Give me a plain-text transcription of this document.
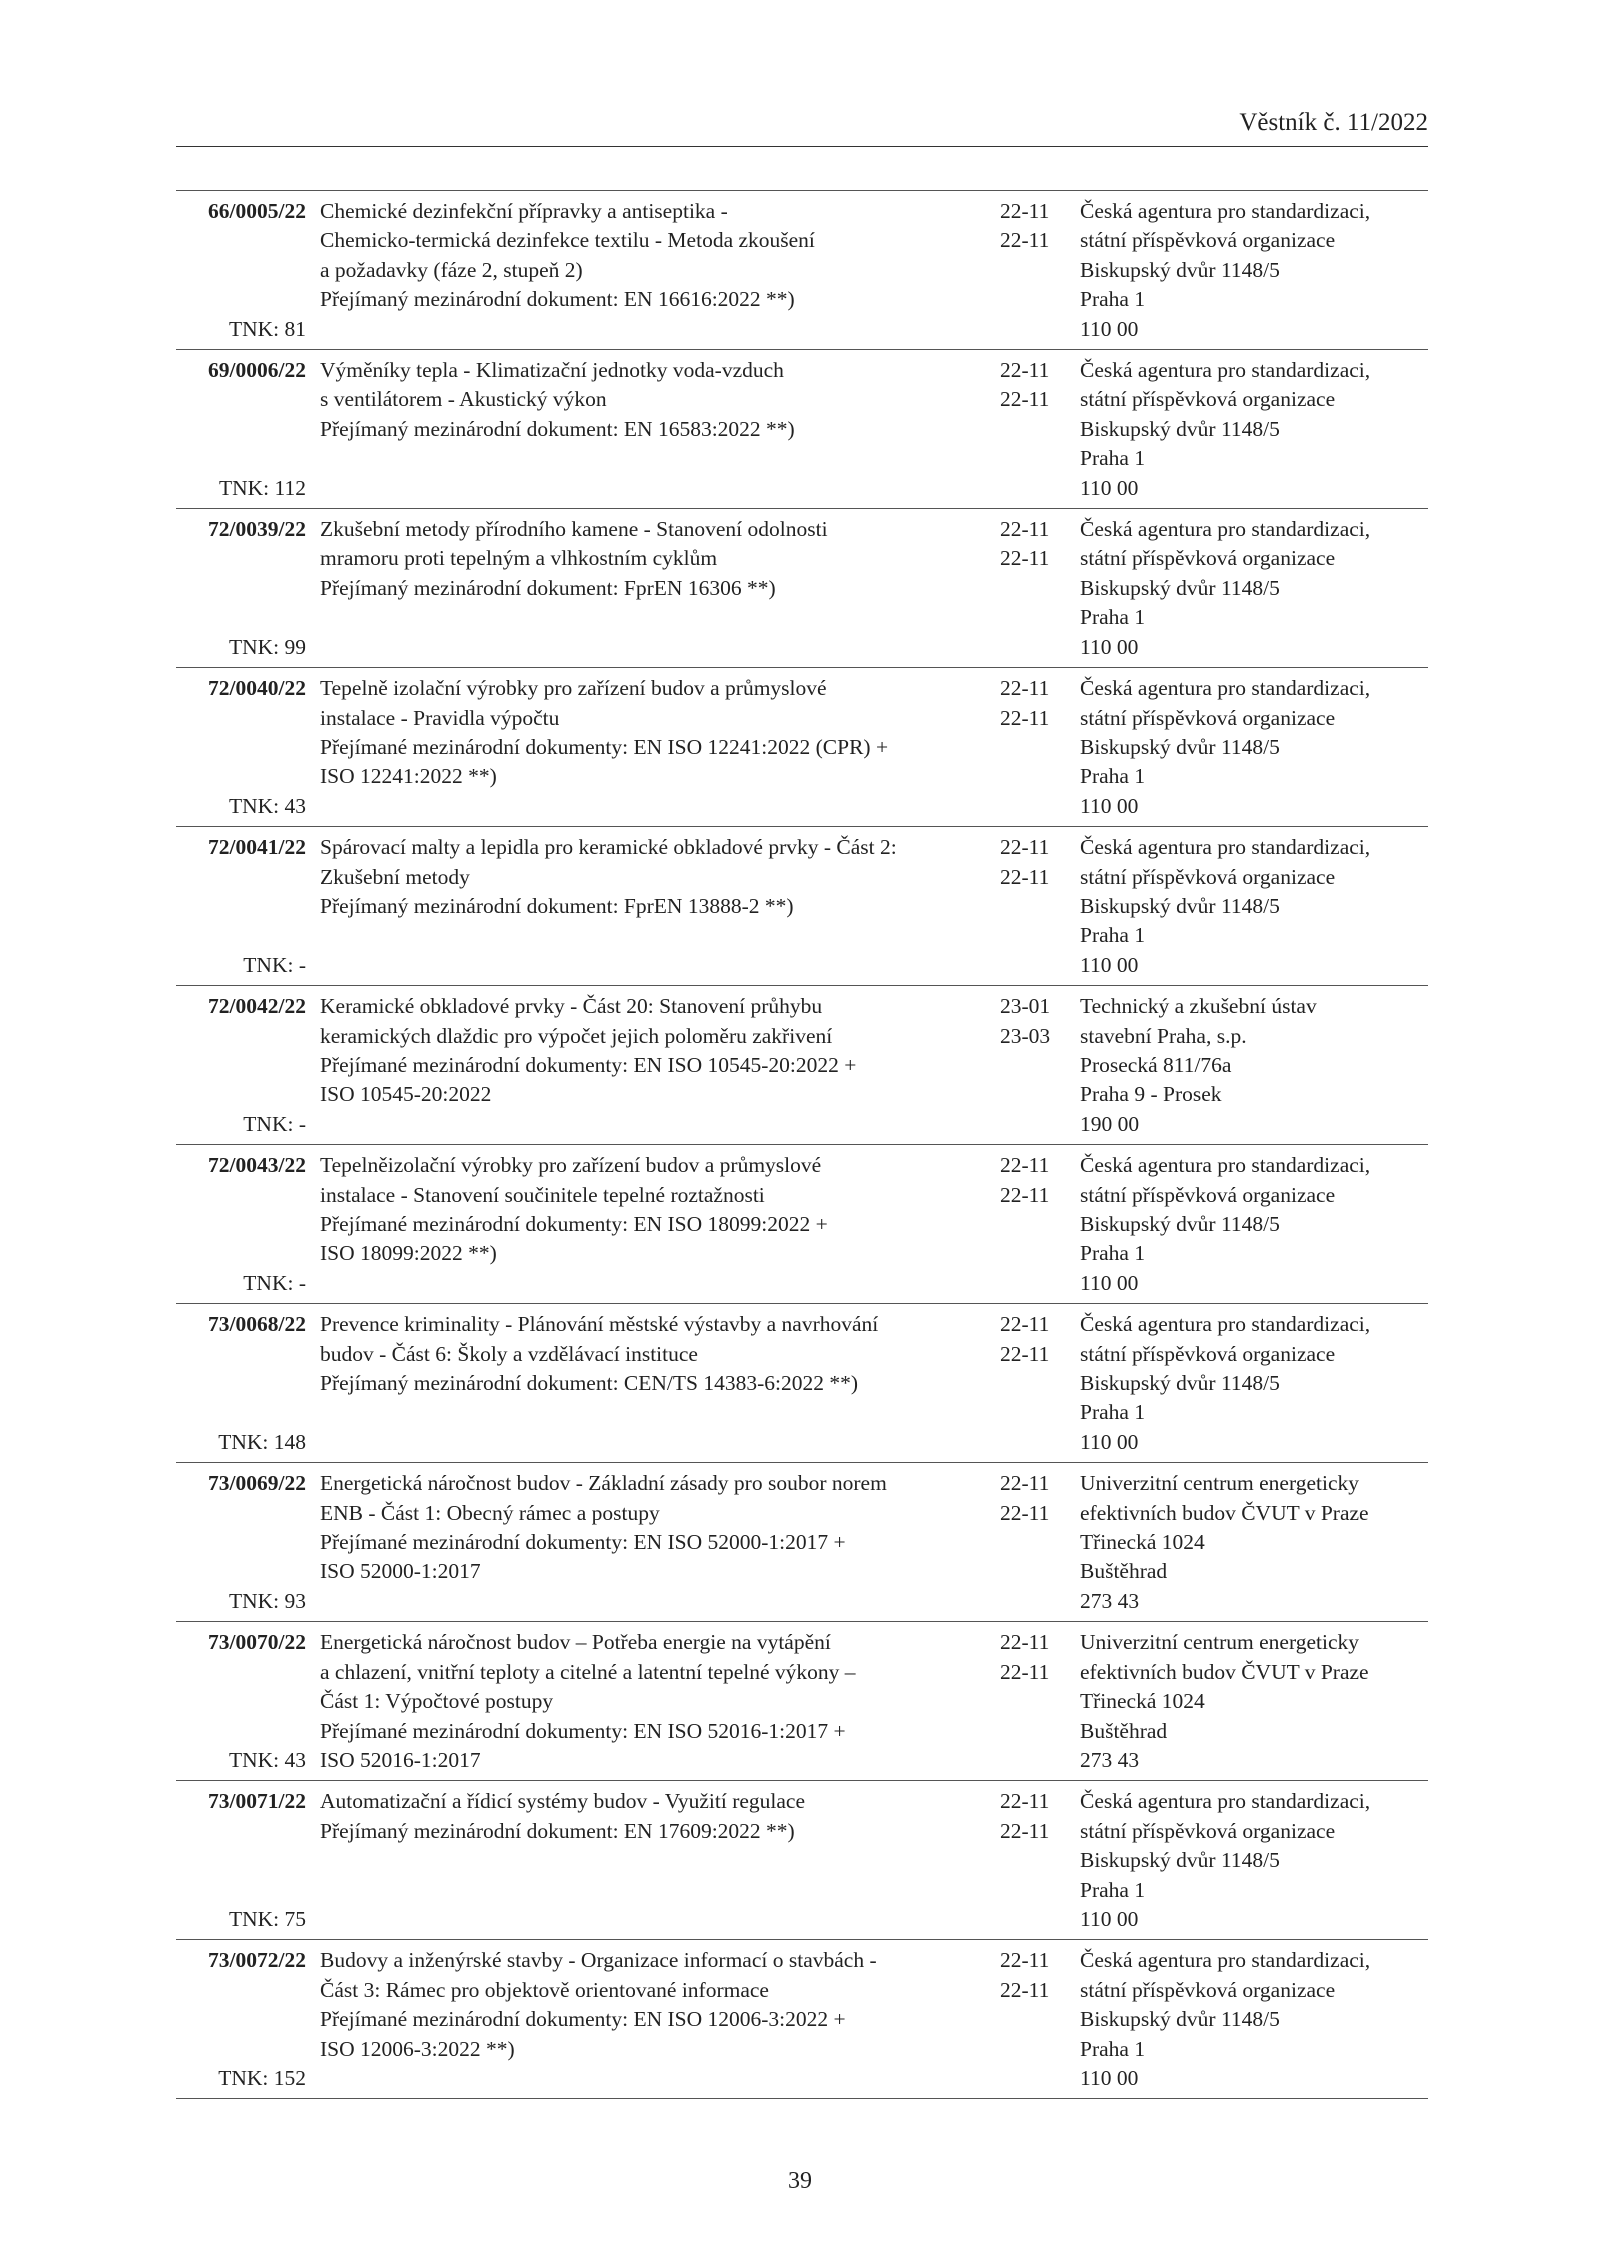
Věstník č. 11/2022
66/0005/22
TNK: 81
Chemické dezinfekční přípravky a antiseptika -
Chemicko-termická dezinfekce textilu - Metoda zkoušení
a požadavky (fáze 2, stupeň 2)
Přejímaný mezinárodní dokument: EN 16616:2022 **)
22-11
22-11
Česká agentura pro standardizaci,
státní příspěvková organizace
Biskupský dvůr 1148/5
Praha 1
110 00
69/0006/22
TNK: 112
Výměníky tepla - Klimatizační jednotky voda-vzduch
s ventilátorem - Akustický výkon
Přejímaný mezinárodní dokument: EN 16583:2022 **)
22-11
22-11
Česká agentura pro standardizaci,
státní příspěvková organizace
Biskupský dvůr 1148/5
Praha 1
110 00
72/0039/22
TNK: 99
Zkušební metody přírodního kamene - Stanovení odolnosti
mramoru proti tepelným a vlhkostním cyklům
Přejímaný mezinárodní dokument: FprEN 16306 **)
22-11
22-11
Česká agentura pro standardizaci,
státní příspěvková organizace
Biskupský dvůr 1148/5
Praha 1
110 00
72/0040/22
TNK: 43
Tepelně izolační výrobky pro zařízení budov a průmyslové
instalace - Pravidla výpočtu
Přejímané mezinárodní dokumenty: EN ISO 12241:2022 (CPR) +
ISO 12241:2022 **)
22-11
22-11
Česká agentura pro standardizaci,
státní příspěvková organizace
Biskupský dvůr 1148/5
Praha 1
110 00
72/0041/22
TNK: -
Spárovací malty a lepidla pro keramické obkladové prvky - Část 2:
Zkušební metody
Přejímaný mezinárodní dokument: FprEN 13888-2 **)
22-11
22-11
Česká agentura pro standardizaci,
státní příspěvková organizace
Biskupský dvůr 1148/5
Praha 1
110 00
72/0042/22
TNK: -
Keramické obkladové prvky - Část 20: Stanovení průhybu
keramických dlaždic pro výpočet jejich poloměru zakřivení
Přejímané mezinárodní dokumenty: EN ISO 10545-20:2022 +
ISO 10545-20:2022
23-01
23-03
Technický a zkušební ústav
stavební Praha, s.p.
Prosecká 811/76a
Praha 9 - Prosek
190 00
72/0043/22
TNK: -
Tepelněizolační výrobky pro zařízení budov a průmyslové
instalace - Stanovení součinitele tepelné roztažnosti
Přejímané mezinárodní dokumenty: EN ISO 18099:2022 +
ISO 18099:2022 **)
22-11
22-11
Česká agentura pro standardizaci,
státní příspěvková organizace
Biskupský dvůr 1148/5
Praha 1
110 00
73/0068/22
TNK: 148
Prevence kriminality - Plánování městské výstavby a navrhování
budov - Část 6: Školy a vzdělávací instituce
Přejímaný mezinárodní dokument: CEN/TS 14383-6:2022 **)
22-11
22-11
Česká agentura pro standardizaci,
státní příspěvková organizace
Biskupský dvůr 1148/5
Praha 1
110 00
73/0069/22
TNK: 93
Energetická náročnost budov - Základní zásady pro soubor norem
ENB - Část 1: Obecný rámec a postupy
Přejímané mezinárodní dokumenty: EN ISO 52000-1:2017 +
ISO 52000-1:2017
22-11
22-11
Univerzitní centrum energeticky
efektivních budov ČVUT v Praze
Třinecká 1024
Buštěhrad
273 43
73/0070/22
TNK: 43
Energetická náročnost budov – Potřeba energie na vytápění
a chlazení, vnitřní teploty a citelné a latentní tepelné výkony –
Část 1: Výpočtové postupy
Přejímané mezinárodní dokumenty: EN ISO 52016-1:2017 +
ISO 52016-1:2017
22-11
22-11
Univerzitní centrum energeticky
efektivních budov ČVUT v Praze
Třinecká 1024
Buštěhrad
273 43
73/0071/22
TNK: 75
Automatizační a řídicí systémy budov - Využití regulace
Přejímaný mezinárodní dokument: EN 17609:2022 **)
22-11
22-11
Česká agentura pro standardizaci,
státní příspěvková organizace
Biskupský dvůr 1148/5
Praha 1
110 00
73/0072/22
TNK: 152
Budovy a inženýrské stavby - Organizace informací o stavbách -
Část 3: Rámec pro objektově orientované informace
Přejímané mezinárodní dokumenty: EN ISO 12006-3:2022 +
ISO 12006-3:2022 **)
22-11
22-11
Česká agentura pro standardizaci,
státní příspěvková organizace
Biskupský dvůr 1148/5
Praha 1
110 00
39
